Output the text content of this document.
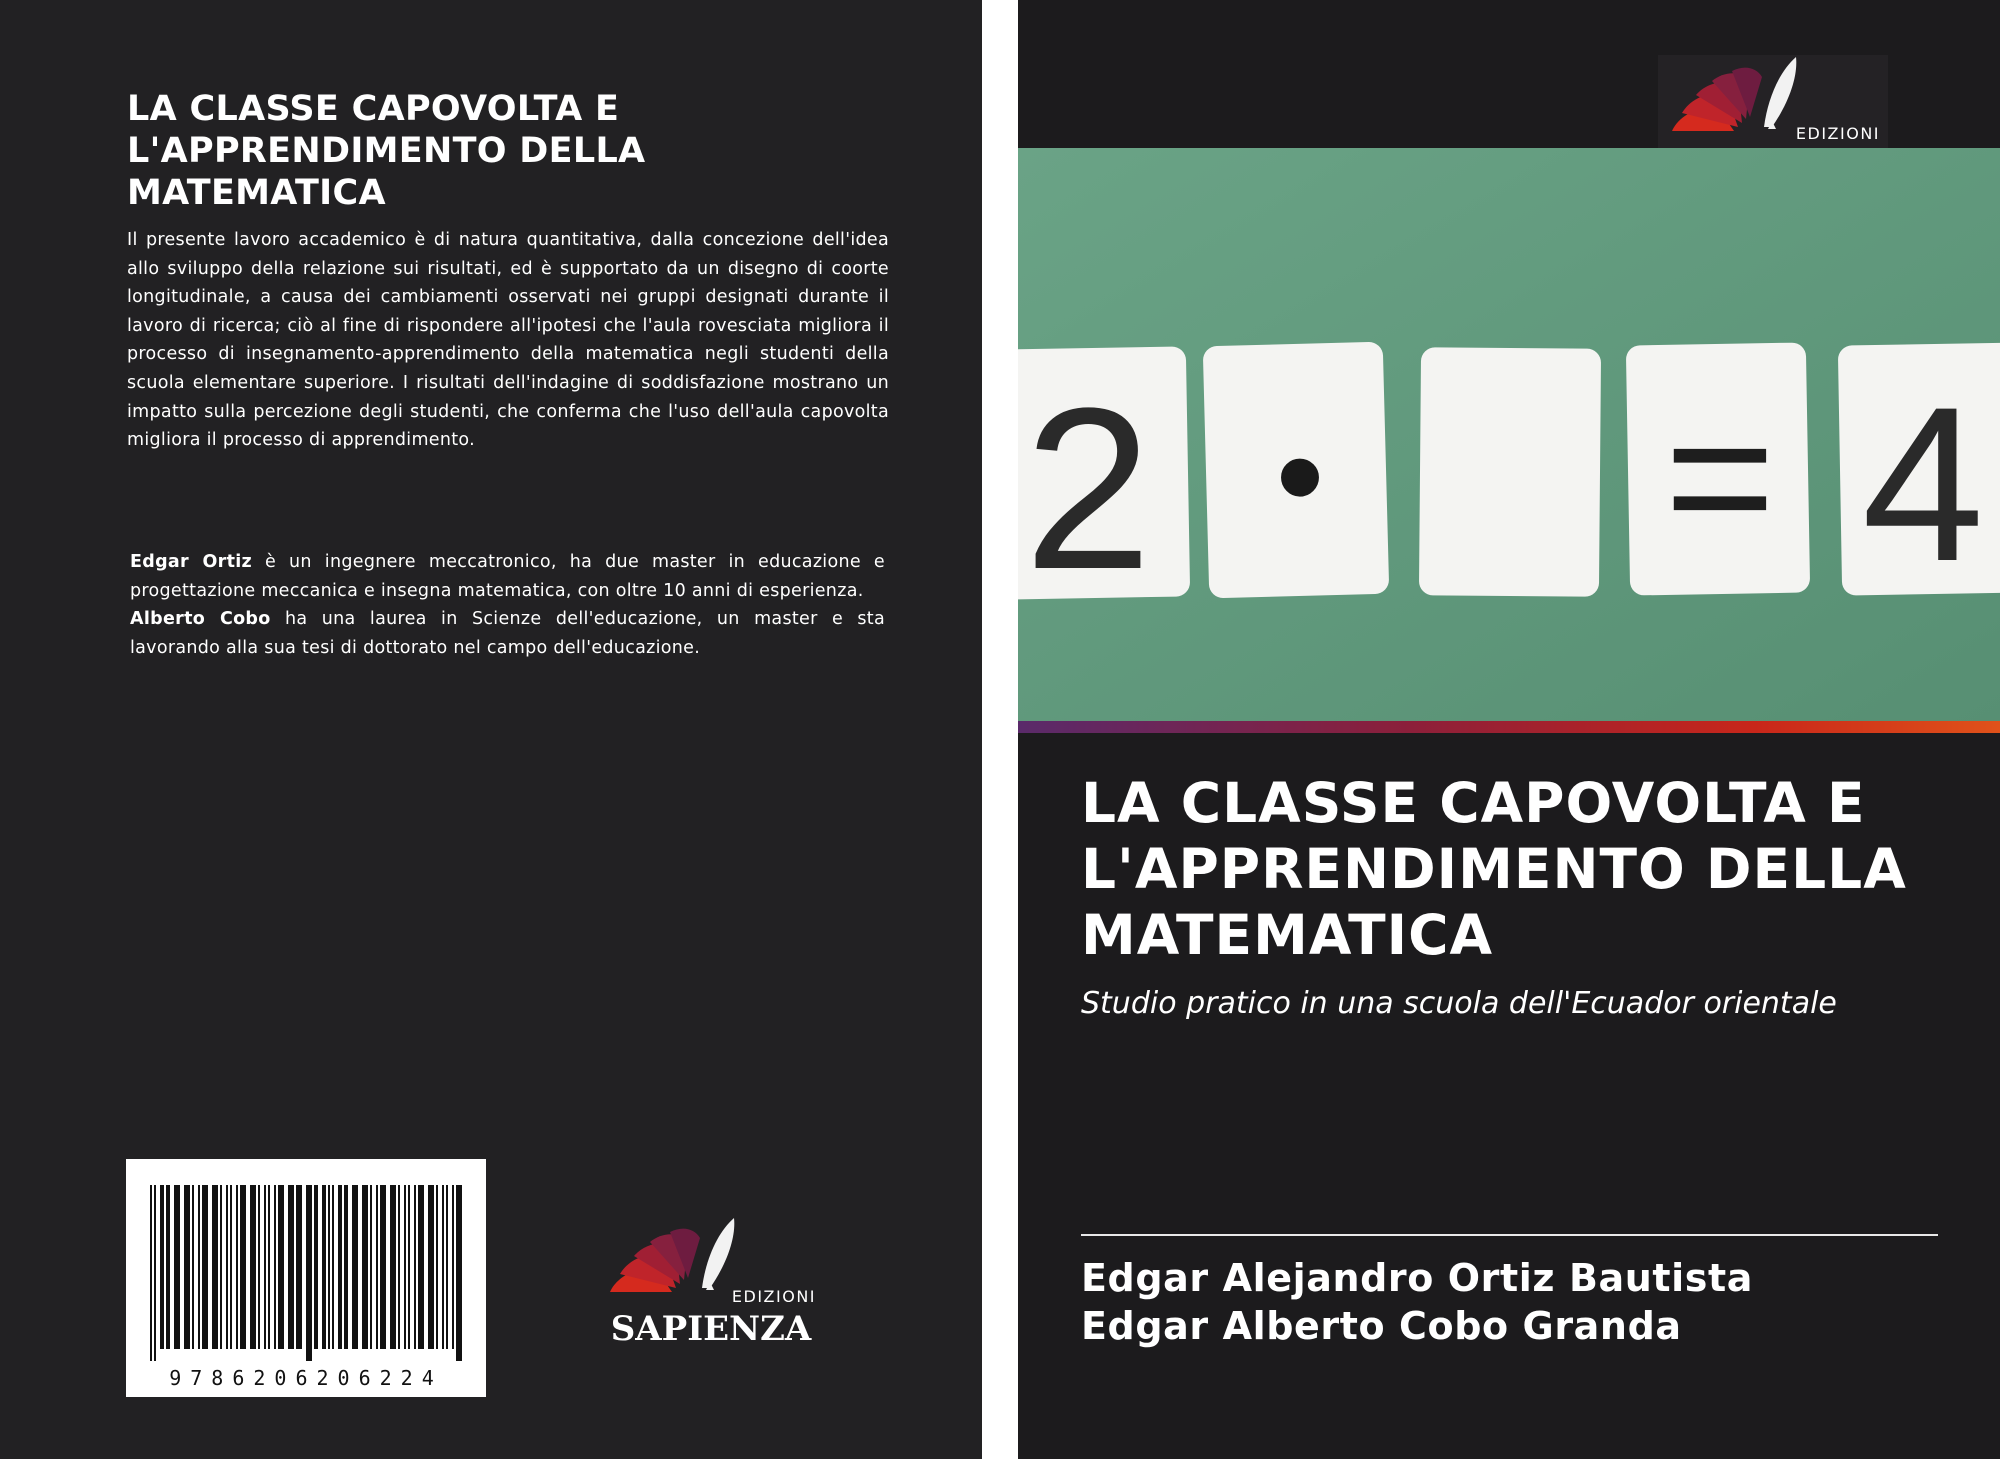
LA CLASSE CAPOVOLTA E L'APPRENDIMENTO DELLA MATEMATICA

Il presente lavoro accademico è di natura quantitativa, dalla concezione dell'idea allo sviluppo della relazione sui risultati, ed è supportato da un disegno di coorte longitudinale, a causa dei cambiamenti osservati nei gruppi designati durante il lavoro di ricerca; ciò al fine di rispondere all'ipotesi che l'aula rovesciata migliora il processo di insegnamento-apprendimento della matematica negli studenti della scuola elementare superiore. I risultati dell'indagine di soddisfazione mostrano un impatto sulla percezione degli studenti, che conferma che l'uso dell'aula capovolta migliora il processo di apprendimento.

Edgar Ortiz è un ingegnere meccatronico, ha due master in educazione e progettazione meccanica e insegna matematica, con oltre 10 anni di esperienza.

Alberto Cobo ha una laurea in Scienze dell'educazione, un master e sta lavorando alla sua tesi di dottorato nel campo dell'educazione.

9786206206224
EDIZIONI
SAPIENZA
EDIZIONI
2 • = 4
LA CLASSE CAPOVOLTA E L'APPRENDIMENTO DELLA MATEMATICA

Studio pratico in una scuola dell'Ecuador orientale

Edgar Alejandro Ortiz Bautista
Edgar Alberto Cobo Granda
